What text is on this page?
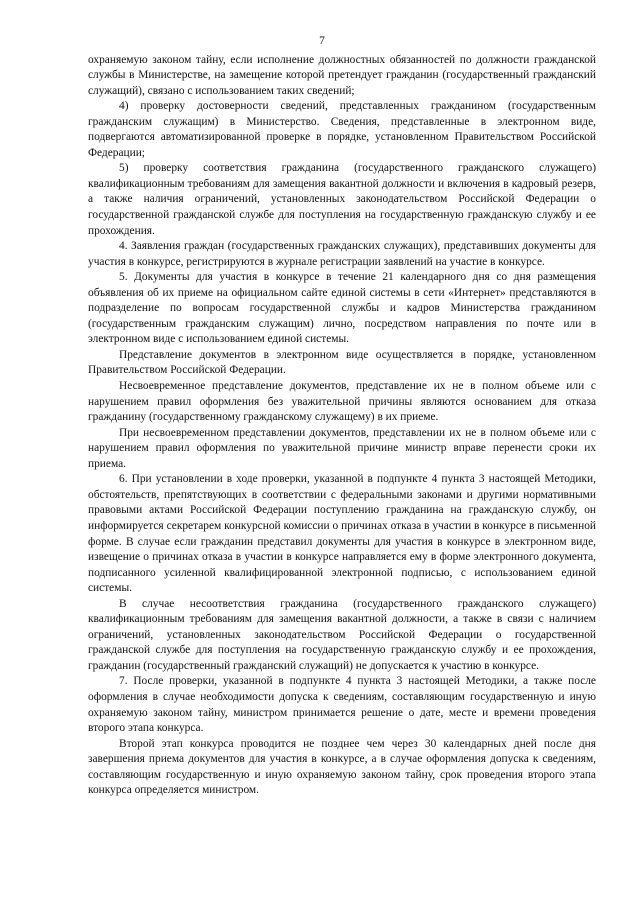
7

охраняемую законом тайну, если исполнение должностных обязанностей по должности гражданской службы в Министерстве, на замещение которой претендует гражданин (государственный гражданский служащий), связано с использованием таких сведений;

4) проверку достоверности сведений, представленных гражданином (государственным гражданским служащим) в Министерство. Сведения, представленные в электронном виде, подвергаются автоматизированной проверке в порядке, установленном Правительством Российской Федерации;

5) проверку соответствия гражданина (государственного гражданского служащего) квалификационным требованиям для замещения вакантной должности и включения в кадровый резерв, а также наличия ограничений, установленных законодательством Российской Федерации о государственной гражданской службе для поступления на государственную гражданскую службу и ее прохождения.

4. Заявления граждан (государственных гражданских служащих), представивших документы для участия в конкурсе, регистрируются в журнале регистрации заявлений на участие в конкурсе.

5. Документы для участия в конкурсе в течение 21 календарного дня со дня размещения объявления об их приеме на официальном сайте единой системы в сети «Интернет» представляются в подразделение по вопросам государственной службы и кадров Министерства гражданином (государственным гражданским служащим) лично, посредством направления по почте или в электронном виде с использованием единой системы.

Представление документов в электронном виде осуществляется в порядке, установленном Правительством Российской Федерации.

Несвоевременное представление документов, представление их не в полном объеме или с нарушением правил оформления без уважительной причины являются основанием для отказа гражданину (государственному гражданскому служащему) в их приеме.

При несвоевременном представлении документов, представлении их не в полном объеме или с нарушением правил оформления по уважительной причине министр вправе перенести сроки их приема.

6. При установлении в ходе проверки, указанной в подпункте 4 пункта 3 настоящей Методики, обстоятельств, препятствующих в соответствии с федеральными законами и другими нормативными правовыми актами Российской Федерации поступлению гражданина на гражданскую службу, он информируется секретарем конкурсной комиссии о причинах отказа в участии в конкурсе в письменной форме. В случае если гражданин представил документы для участия в конкурсе в электронном виде, извещение о причинах отказа в участии в конкурсе направляется ему в форме электронного документа, подписанного усиленной квалифицированной электронной подписью, с использованием единой системы.

В случае несоответствия гражданина (государственного гражданского служащего) квалификационным требованиям для замещения вакантной должности, а также в связи с наличием ограничений, установленных законодательством Российской Федерации о государственной гражданской службе для поступления на государственную гражданскую службу и ее прохождения, гражданин (государственный гражданский служащий) не допускается к участию в конкурсе.

7. После проверки, указанной в подпункте 4 пункта 3 настоящей Методики, а также после оформления в случае необходимости допуска к сведениям, составляющим государственную и иную охраняемую законом тайну, министром принимается решение о дате, месте и времени проведения второго этапа конкурса.

Второй этап конкурса проводится не позднее чем через 30 календарных дней после дня завершения приема документов для участия в конкурсе, а в случае оформления допуска к сведениям, составляющим государственную и иную охраняемую законом тайну, срок проведения второго этапа конкурса определяется министром.
